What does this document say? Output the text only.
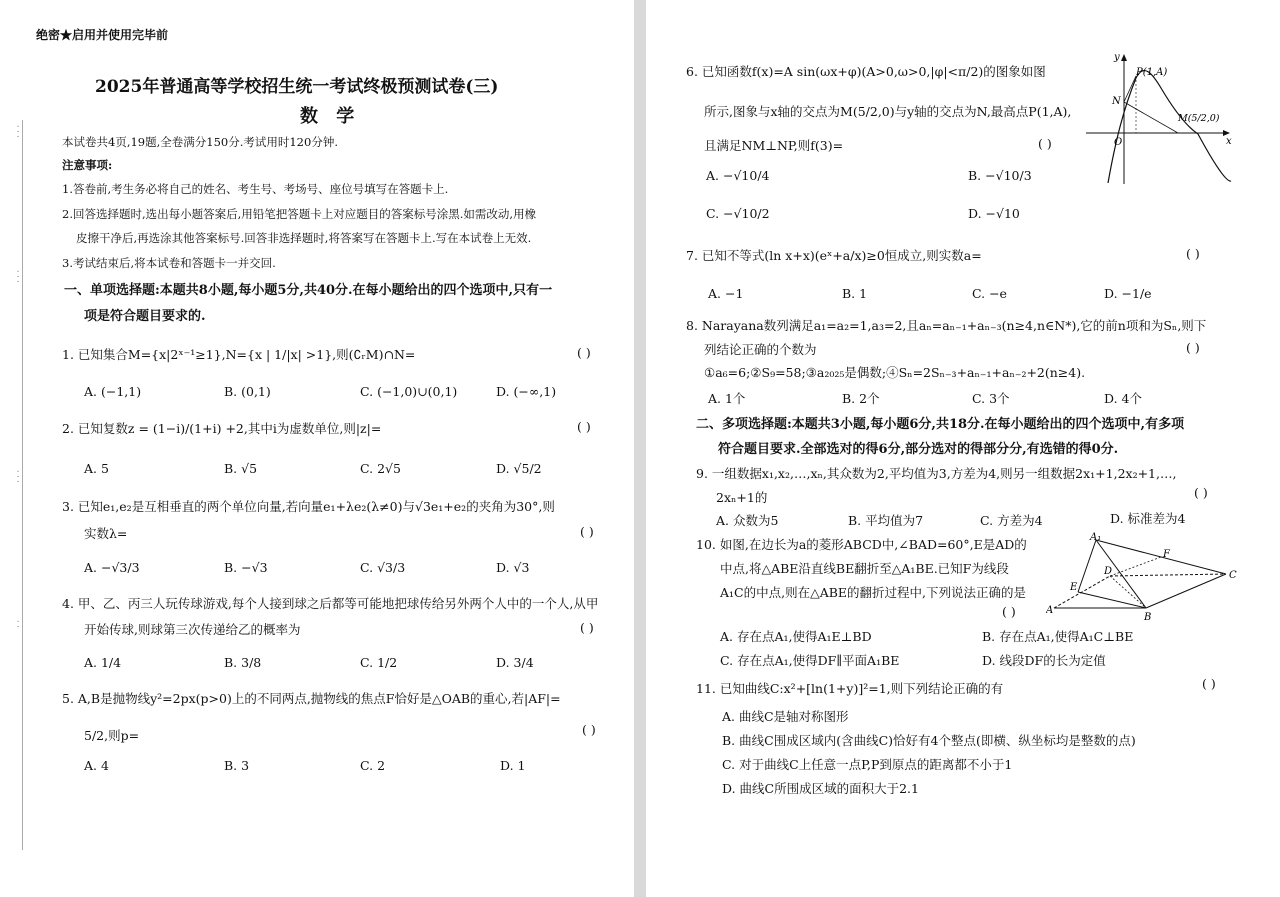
· · ·
· · ·
· · ·
· ·
绝密★启用并使用完毕前
2025年普通高等学校招生统一考试终极预测试卷(三)
数 学
本试卷共4页,19题,全卷满分150分.考试用时120分钟.
注意事项:
1.答卷前,考生务必将自己的姓名、考生号、考场号、座位号填写在答题卡上.
2.回答选择题时,选出每小题答案后,用铅笔把答题卡上对应题目的答案标号涂黑.如需改动,用橡
皮擦干净后,再选涂其他答案标号.回答非选择题时,将答案写在答题卡上.写在本试卷上无效.
3.考试结束后,将本试卷和答题卡一并交回.
一、单项选择题:本题共8小题,每小题5分,共40分.在每小题给出的四个选项中,只有一
项是符合题目要求的.
1. 已知集合M={x|2ˣ⁻¹≥1},N={x | 1/|x| >1},则(∁ᵣM)∩N=	( )
A. (−1,1)	B. (0,1)	C. (−1,0)∪(0,1)	D. (−∞,1)
2. 已知复数z = (1−i)/(1+i) +2,其中i为虚数单位,则|z|=	( )
A. 5	B. √5	C. 2√5	D. √5/2
3. 已知e₁,e₂是互相垂直的两个单位向量,若向量e₁+λe₂(λ≠0)与√3e₁+e₂的夹角为30°,则
实数λ=	( )
A. −√3/3	B. −√3	C. √3/3	D. √3
4. 甲、乙、丙三人玩传球游戏,每个人接到球之后都等可能地把球传给另外两个人中的一个人,从甲
开始传球,则球第三次传递给乙的概率为	( )
A. 1/4	B. 3/8	C. 1/2	D. 3/4
5. A,B是抛物线y²=2px(p>0)上的不同两点,抛物线的焦点F恰好是△OAB的重心,若|AF|=
5/2,则p=	( )
A. 4	B. 3	C. 2	D. 1
6. 已知函数f(x)=A sin(ωx+φ)(A>0,ω>0,|φ|<π/2)的图象如图
所示,图象与x轴的交点为M(5/2,0)与y轴的交点为N,最高点P(1,A),
且满足NM⊥NP,则f(3)=	( )
A. −√10/4	B. −√10/3
C. −√10/2	D. −√10
y
x
O
N
P(1,A)
M(5/2,0)
7. 已知不等式(ln x+x)(eˣ+a/x)≥0恒成立,则实数a=	( )
A. −1	B. 1	C. −e	D. −1/e
8. Narayana数列满足a₁=a₂=1,a₃=2,且aₙ=aₙ₋₁+aₙ₋₃(n≥4,n∈N*),它的前n项和为Sₙ,则下
列结论正确的个数为	( )
①a₆=6;②S₉=58;③a₂₀₂₅是偶数;④Sₙ=2Sₙ₋₃+aₙ₋₁+aₙ₋₂+2(n≥4).
A. 1个	B. 2个	C. 3个	D. 4个
二、多项选择题:本题共3小题,每小题6分,共18分.在每小题给出的四个选项中,有多项
符合题目要求.全部选对的得6分,部分选对的得部分分,有选错的得0分.
9. 一组数据x₁,x₂,…,xₙ,其众数为2,平均值为3,方差为4,则另一组数据2x₁+1,2x₂+1,…,
2xₙ+1的	( )
A. 众数为5	B. 平均值为7	C. 方差为4	D. 标准差为4
10. 如图,在边长为a的菱形ABCD中,∠BAD=60°,E是AD的
中点,将△ABE沿直线BE翻折至△A₁BE.已知F为线段
A₁C的中点,则在△ABE的翻折过程中,下列说法正确的是
( )
A₁
F
D
E
C
A
B
A. 存在点A₁,使得A₁E⊥BD	B. 存在点A₁,使得A₁C⊥BE
C. 存在点A₁,使得DF∥平面A₁BE	D. 线段DF的长为定值
11. 已知曲线C:x²+[ln(1+y)]²=1,则下列结论正确的有	( )
A. 曲线C是轴对称图形
B. 曲线C围成区域内(含曲线C)恰好有4个整点(即横、纵坐标均是整数的点)
C. 对于曲线C上任意一点P,P到原点的距离都不小于1
D. 曲线C所围成区域的面积大于2.1
